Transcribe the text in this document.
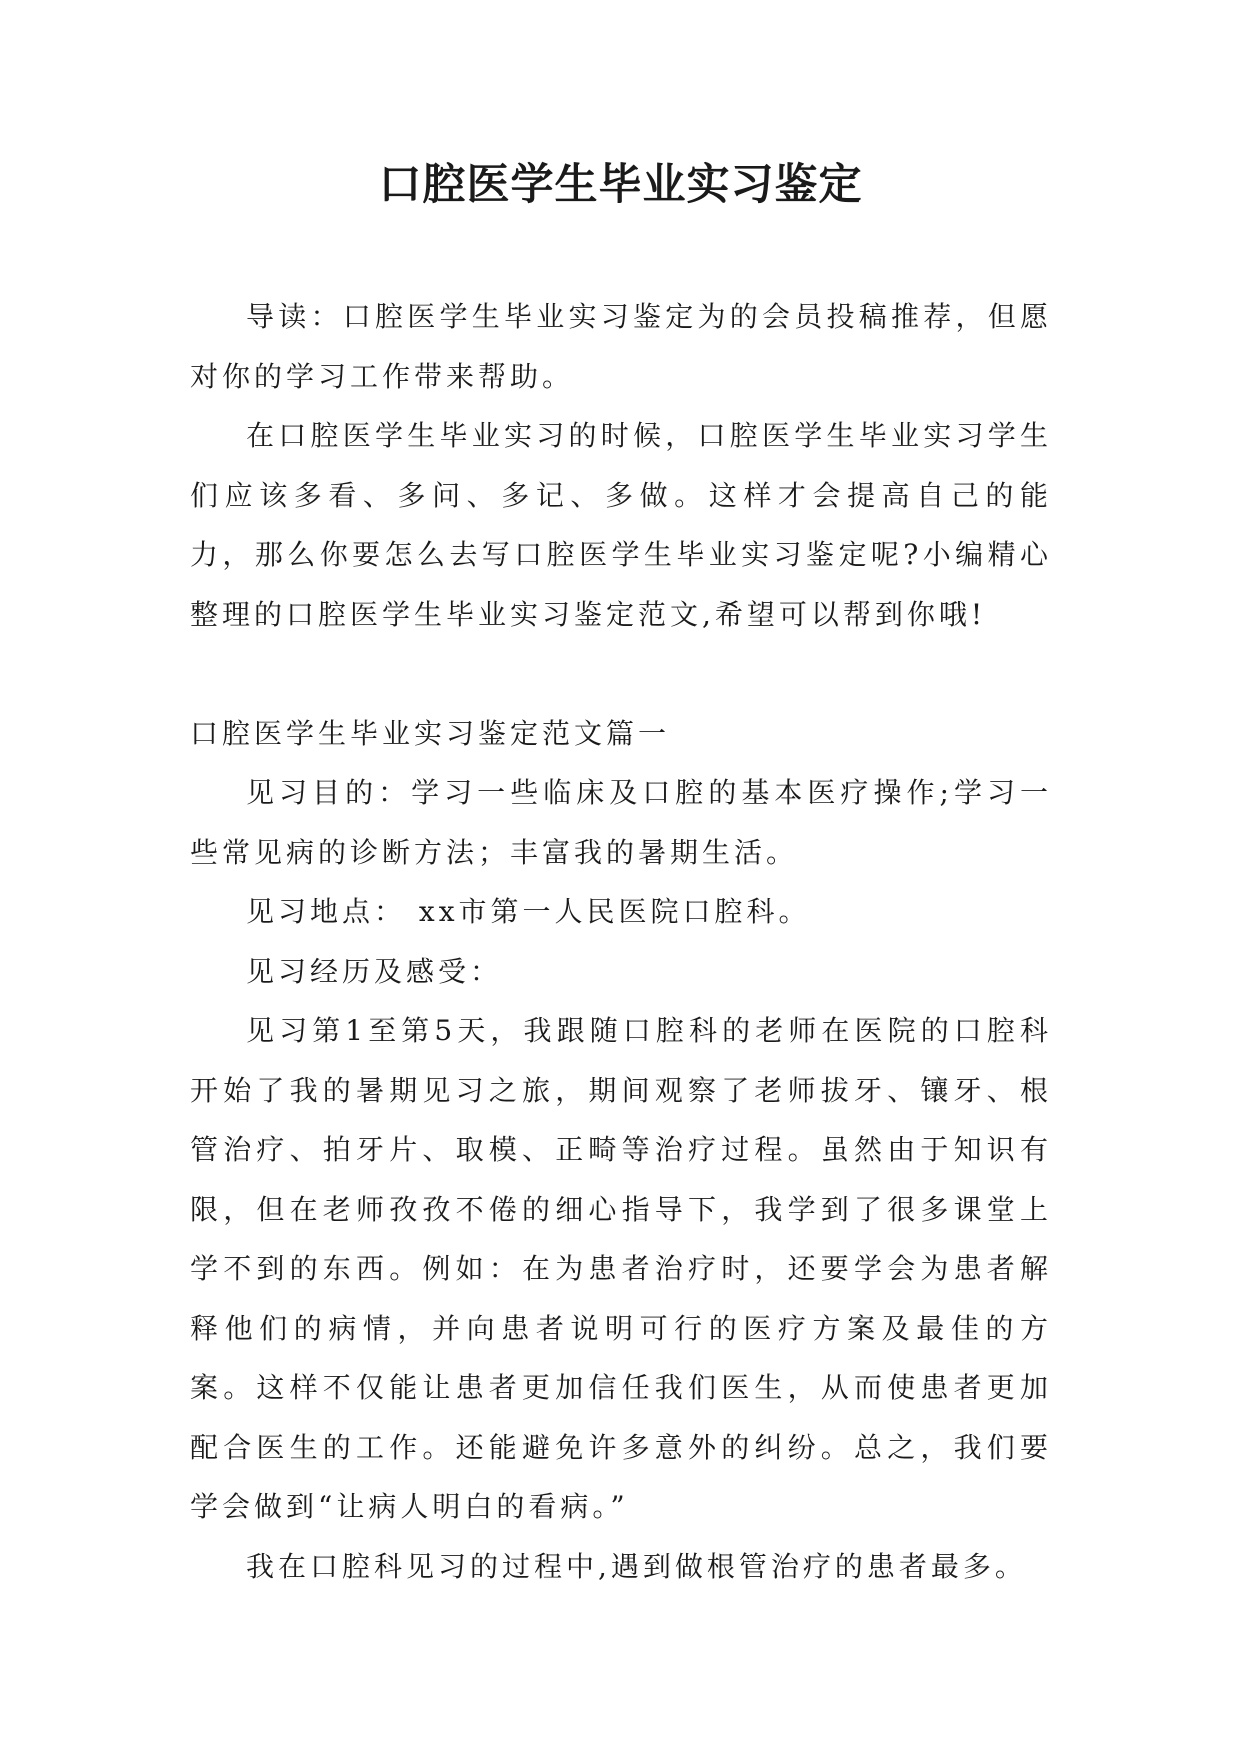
口腔医学生毕业实习鉴定

导读：口腔医学生毕业实习鉴定为的会员投稿推荐，但愿对你的学习工作带来帮助。

在口腔医学生毕业实习的时候，口腔医学生毕业实习学生们应该多看、多问、多记、多做。这样才会提高自己的能力，那么你要怎么去写口腔医学生毕业实习鉴定呢?小编精心整理的口腔医学生毕业实习鉴定范文,希望可以帮到你哦!

口腔医学生毕业实习鉴定范文篇一

见习目的：学习一些临床及口腔的基本医疗操作;学习一些常见病的诊断方法；丰富我的暑期生活。

见习地点： xx市第一人民医院口腔科。

见习经历及感受：

见习第1至第5天，我跟随口腔科的老师在医院的口腔科开始了我的暑期见习之旅，期间观察了老师拔牙、镶牙、根管治疗、拍牙片、取模、正畸等治疗过程。虽然由于知识有限，但在老师孜孜不倦的细心指导下，我学到了很多课堂上学不到的东西。例如：在为患者治疗时，还要学会为患者解释他们的病情，并向患者说明可行的医疗方案及最佳的方案。这样不仅能让患者更加信任我们医生，从而使患者更加配合医生的工作。还能避免许多意外的纠纷。总之，我们要学会做到“让病人明白的看病。”

我在口腔科见习的过程中,遇到做根管治疗的患者最多。
